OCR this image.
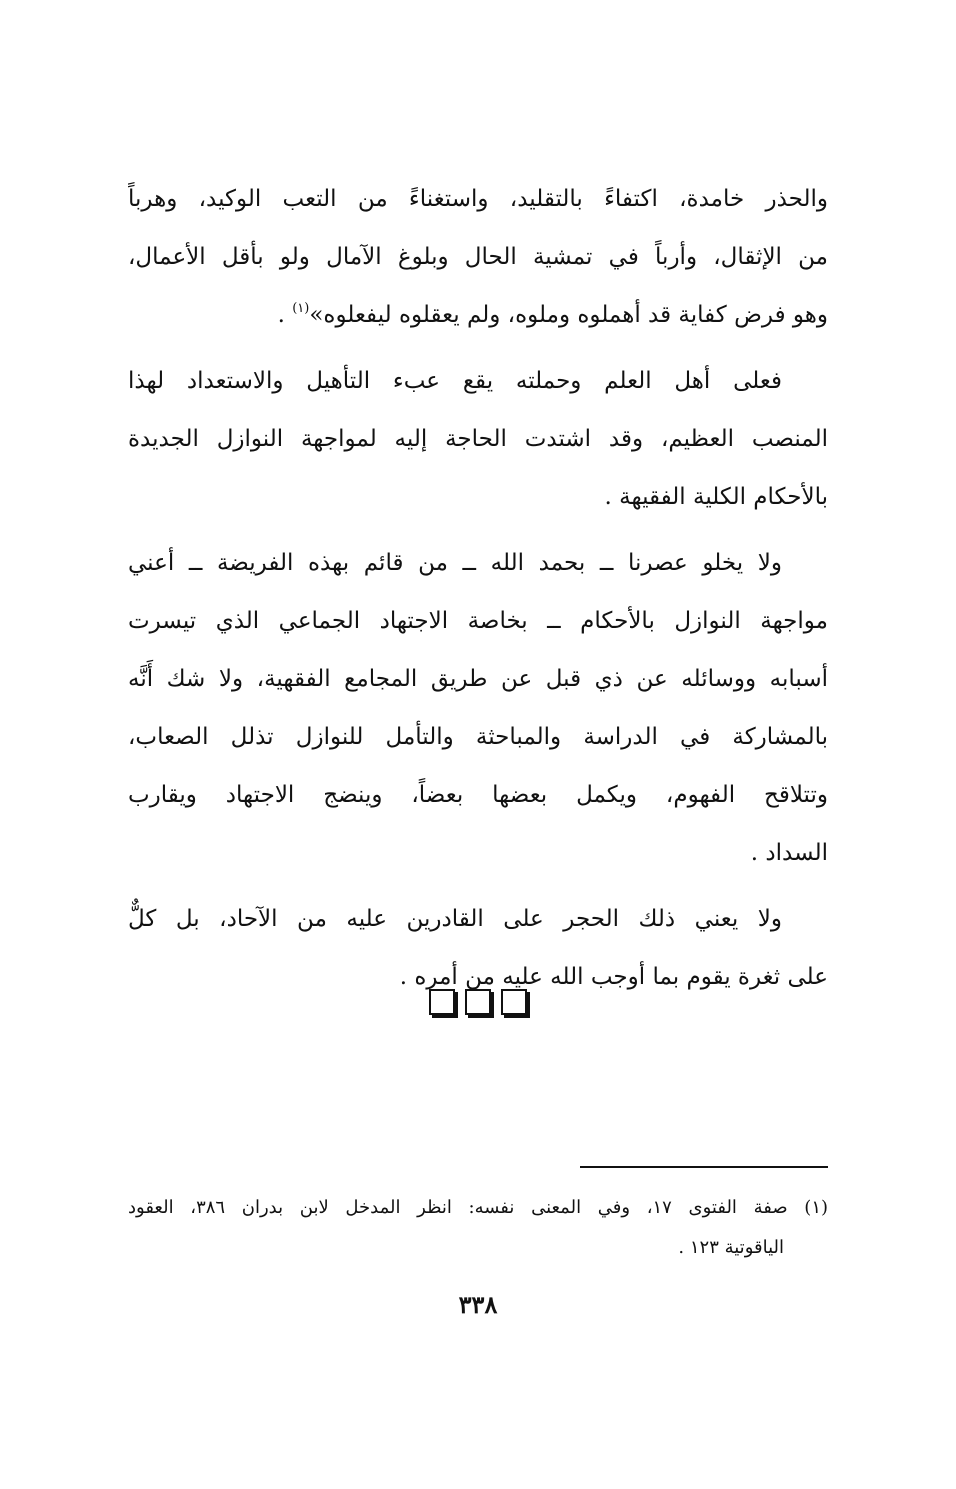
والحذر خامدة، اكتفاءً بالتقليد، واستغناءً من التعب الوكيد، وهرباً
من الإثقال، وأرباً في تمشية الحال وبلوغ الآمال ولو بأقل الأعمال،
وهو فرض كفاية قد أهملوه وملوه، ولم يعقلوه ليفعلوه»$^{(١)}$ .
فعلى أهل العلم وحملته يقع عبء التأهيل والاستعداد لهذا
المنصب العظيم، وقد اشتدت الحاجة إليه لمواجهة النوازل الجديدة
بالأحكام الكلية الفقيهة .
ولا يخلو عصرنا ــ بحمد الله ــ من قائم بهذه الفريضة ــ أعني
مواجهة النوازل بالأحكام ــ بخاصة الاجتهاد الجماعي الذي تيسرت
أسبابه ووسائله عن ذي قبل عن طريق المجامع الفقهية، ولا شك أَنَّه
بالمشاركة في الدراسة والمباحثة والتأمل للنوازل تذلل الصعاب،
وتتلاقح الفهوم، ويكمل بعضها بعضاً، وينضج الاجتهاد ويقارب
السداد .
ولا يعني ذلك الحجر على القادرين عليه من الآحاد، بل كلٌّ
على ثغرة يقوم بما أوجب الله عليه من أمره .
(١) صفة الفتوى ١٧، وفي المعنى نفسه: انظر المدخل لابن بدران ٣٨٦، العقود
الياقوتية ١٢٣ .
٣٣٨
